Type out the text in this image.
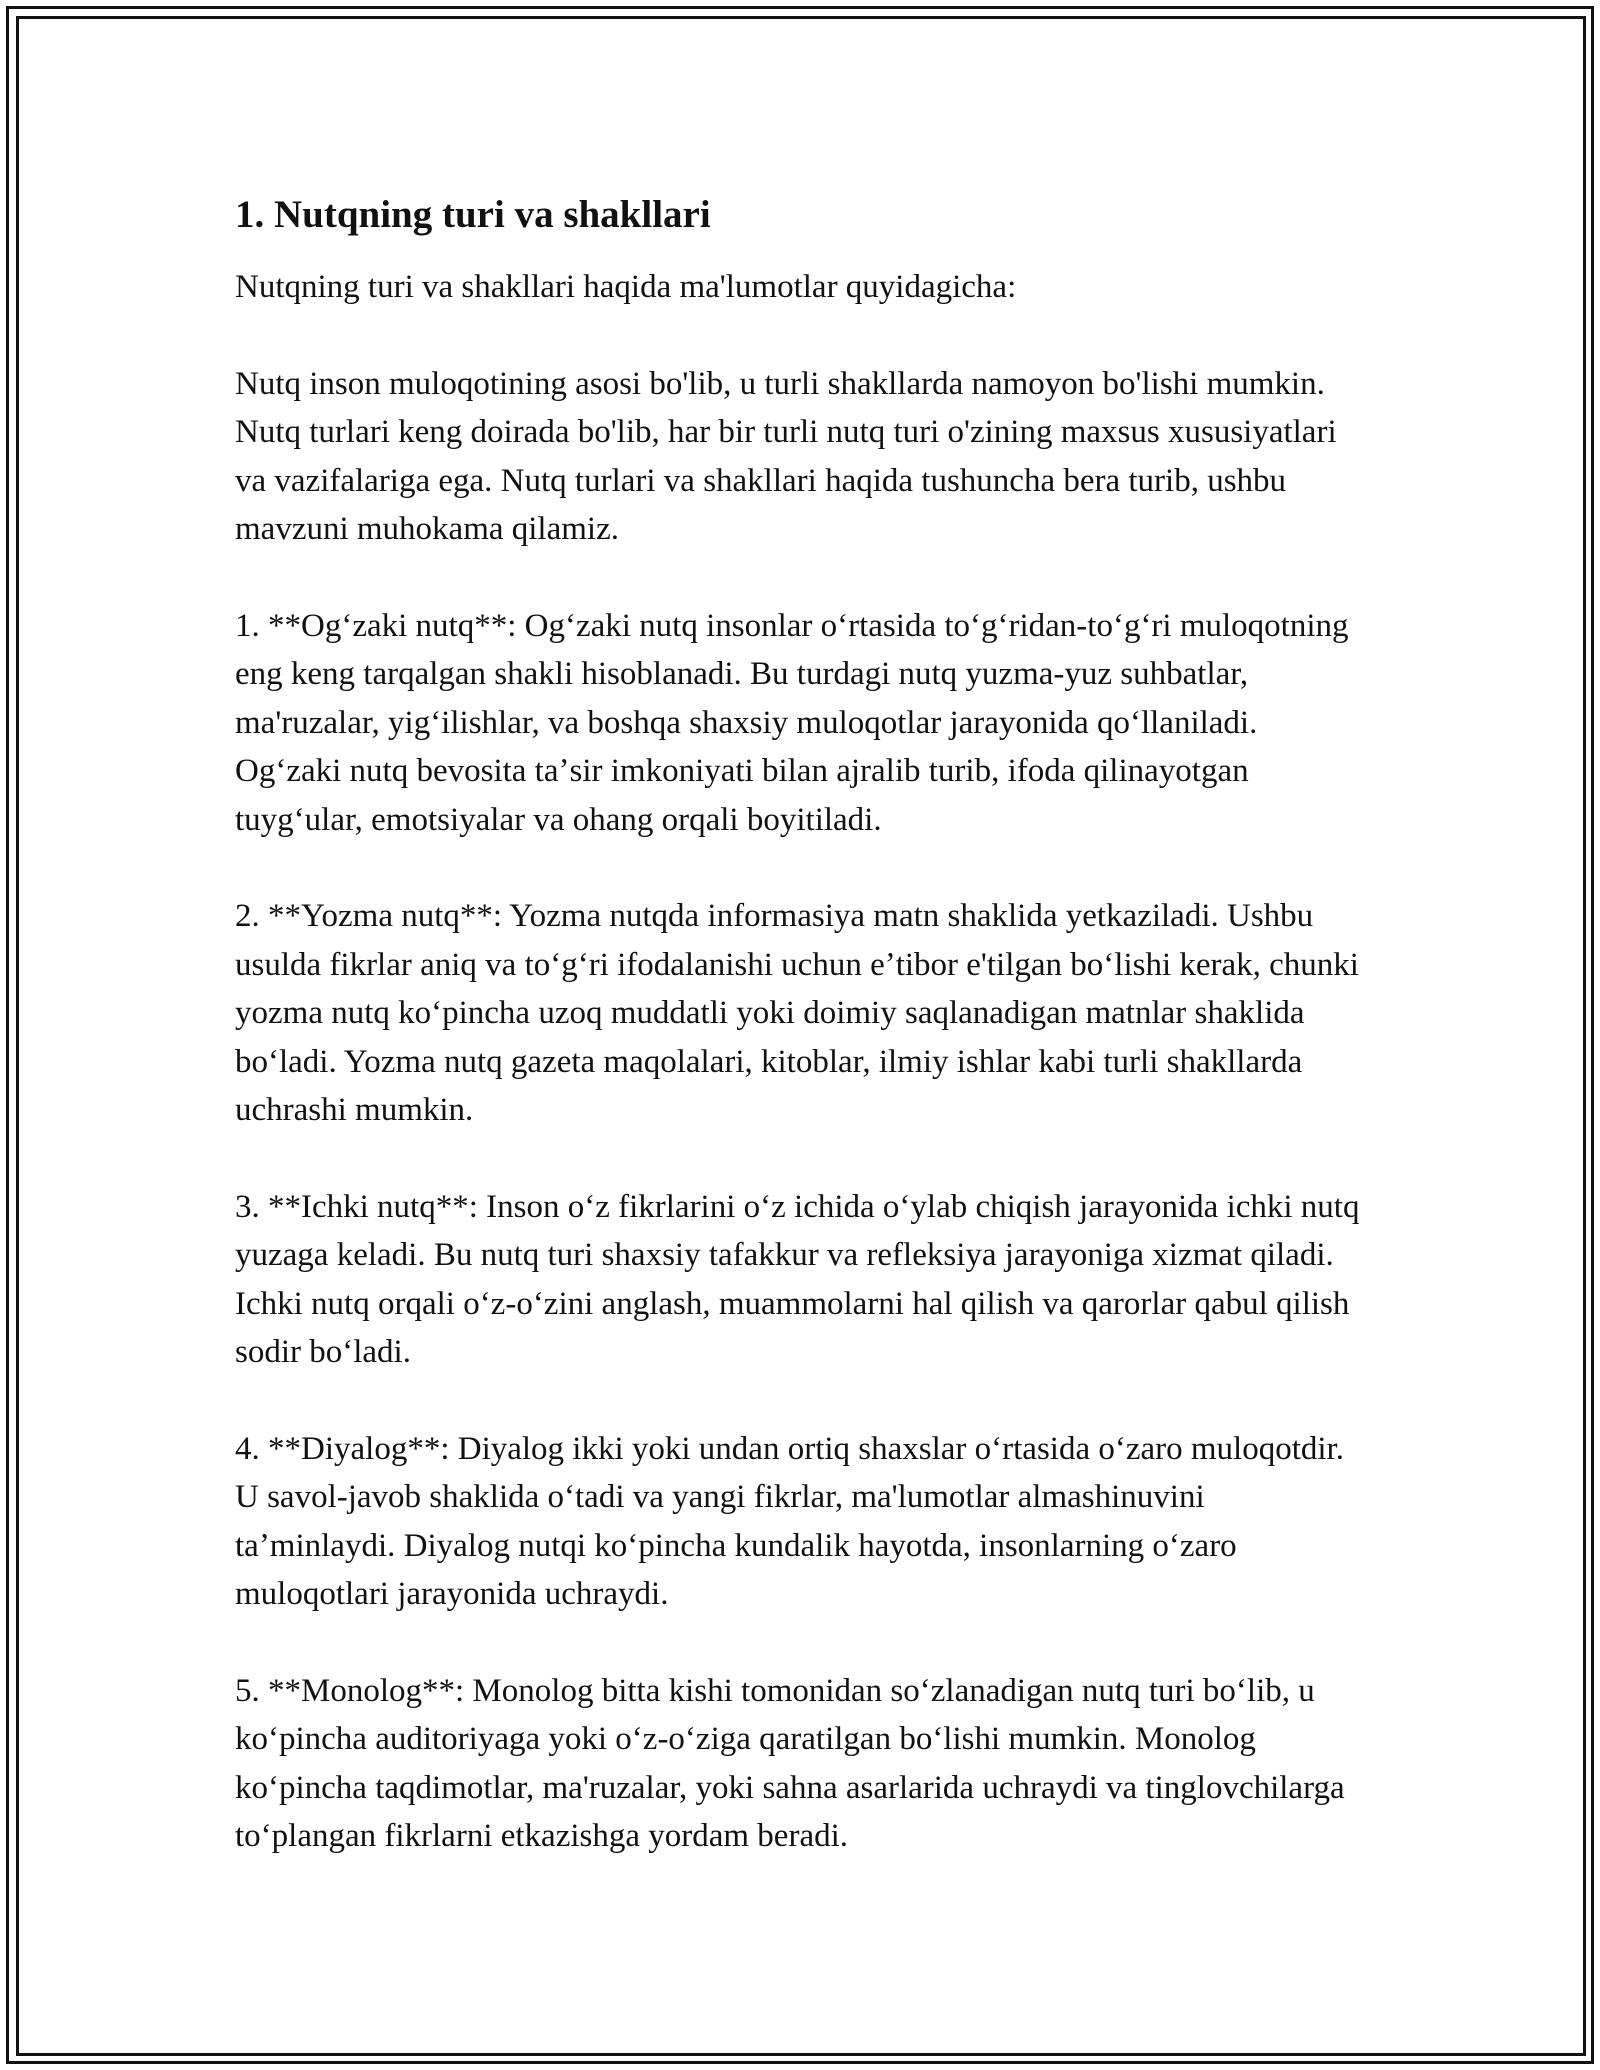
1. Nutqning turi va shakllari

Nutqning turi va shakllari haqida ma'lumotlar quyidagicha:

Nutq inson muloqotining asosi bo'lib, u turli shakllarda namoyon bo'lishi mumkin. Nutq turlari keng doirada bo'lib, har bir turli nutq turi o'zining maxsus xususiyatlari va vazifalariga ega. Nutq turlari va shakllari haqida tushuncha bera turib, ushbu mavzuni muhokama qilamiz.

1. **Ogʻzaki nutq**: Ogʻzaki nutq insonlar oʻrtasida toʻgʻridan-toʻgʻri muloqotning eng keng tarqalgan shakli hisoblanadi. Bu turdagi nutq yuzma-yuz suhbatlar, ma'ruzalar, yigʻilishlar, va boshqa shaxsiy muloqotlar jarayonida qoʻllaniladi. Ogʻzaki nutq bevosita taʼsir imkoniyati bilan ajralib turib, ifoda qilinayotgan tuygʻular, emotsiyalar va ohang orqali boyitiladi.

2. **Yozma nutq**: Yozma nutqda informasiya matn shaklida yetkaziladi. Ushbu usulda fikrlar aniq va toʻgʻri ifodalanishi uchun eʼtibor e'tilgan boʻlishi kerak, chunki yozma nutq koʻpincha uzoq muddatli yoki doimiy saqlanadigan matnlar shaklida boʻladi. Yozma nutq gazeta maqolalari, kitoblar, ilmiy ishlar kabi turli shakllarda uchrashi mumkin.

3. **Ichki nutq**: Inson oʻz fikrlarini oʻz ichida oʻylab chiqish jarayonida ichki nutq yuzaga keladi. Bu nutq turi shaxsiy tafakkur va refleksiya jarayoniga xizmat qiladi. Ichki nutq orqali oʻz-oʻzini anglash, muammolarni hal qilish va qarorlar qabul qilish sodir boʻladi.

4. **Diyalog**: Diyalog ikki yoki undan ortiq shaxslar oʻrtasida oʻzaro muloqotdir. U savol-javob shaklida oʻtadi va yangi fikrlar, ma'lumotlar almashinuvini taʼminlaydi. Diyalog nutqi koʻpincha kundalik hayotda, insonlarning oʻzaro muloqotlari jarayonida uchraydi.

5. **Monolog**: Monolog bitta kishi tomonidan soʻzlanadigan nutq turi boʻlib, u koʻpincha auditoriyaga yoki oʻz-oʻziga qaratilgan boʻlishi mumkin. Monolog koʻpincha taqdimotlar, ma'ruzalar, yoki sahna asarlarida uchraydi va tinglovchilarga toʻplangan fikrlarni etkazishga yordam beradi.
